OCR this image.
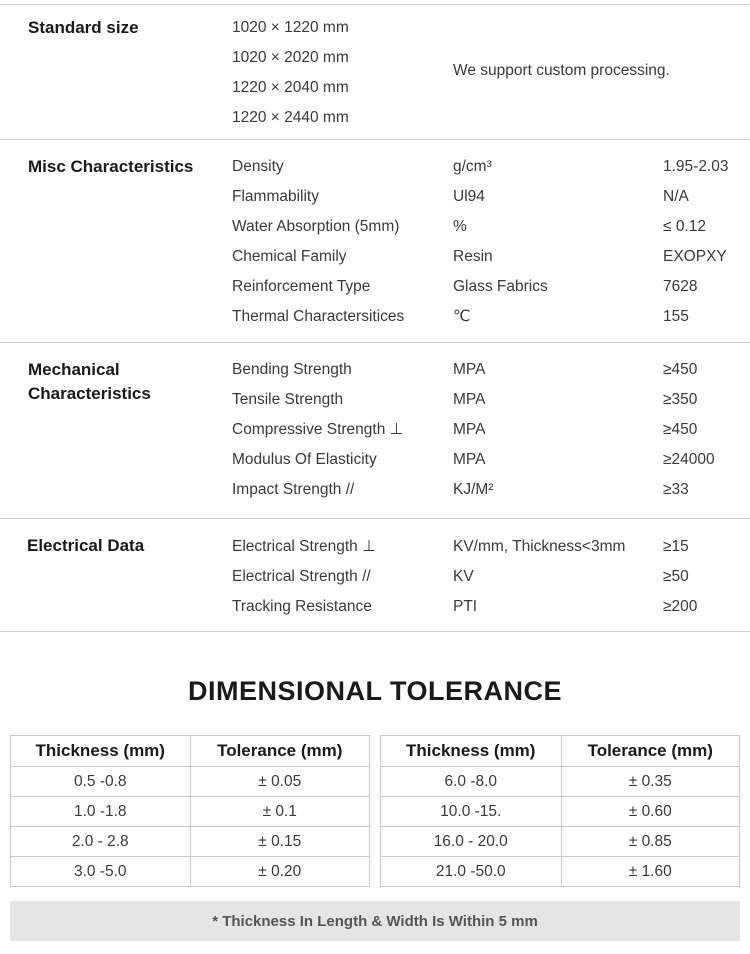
Standard size	1020 × 1220 mm
1020 × 2020 mm
1220 × 2040 mm
1220 × 2440 mm
We support custom processing.
Misc Characteristics Density	g/cm³	1.95-2.03
Flammability	Ul94	N/A
Water Absorption (5mm)	%	≤ 0.12
Chemical Family	Resin	EXOPXY
Reinforcement Type	Glass Fabrics	7628
Thermal Charactersitices	℃	155
Mechanical
Characteristics
Bending Strength	MPA	≥450
Tensile Strength	MPA	≥350
Compressive Strength ⊥	MPA	≥450
Modulus Of Elasticity	MPA	≥24000
Impact Strength //	KJ/M²	≥33
Electrical Data	Electrical Strength ⊥	KV/mm, Thickness<3mm ≥15
Electrical Strength //	KV	≥50
Tracking Resistance	PTI	≥200
DIMENSIONAL TOLERANCE
Thickness (mm)	Tolerance (mm)
0.5 -0.8	± 0.05
1.0 -1.8	± 0.1
2.0 - 2.8	± 0.15
3.0 -5.0	± 0.20
Thickness (mm)	Tolerance (mm)
6.0 -8.0	± 0.35
10.0 -15.	± 0.60
16.0 - 20.0	± 0.85
21.0 -50.0	± 1.60
* Thickness In Length & Width Is Within 5 mm
